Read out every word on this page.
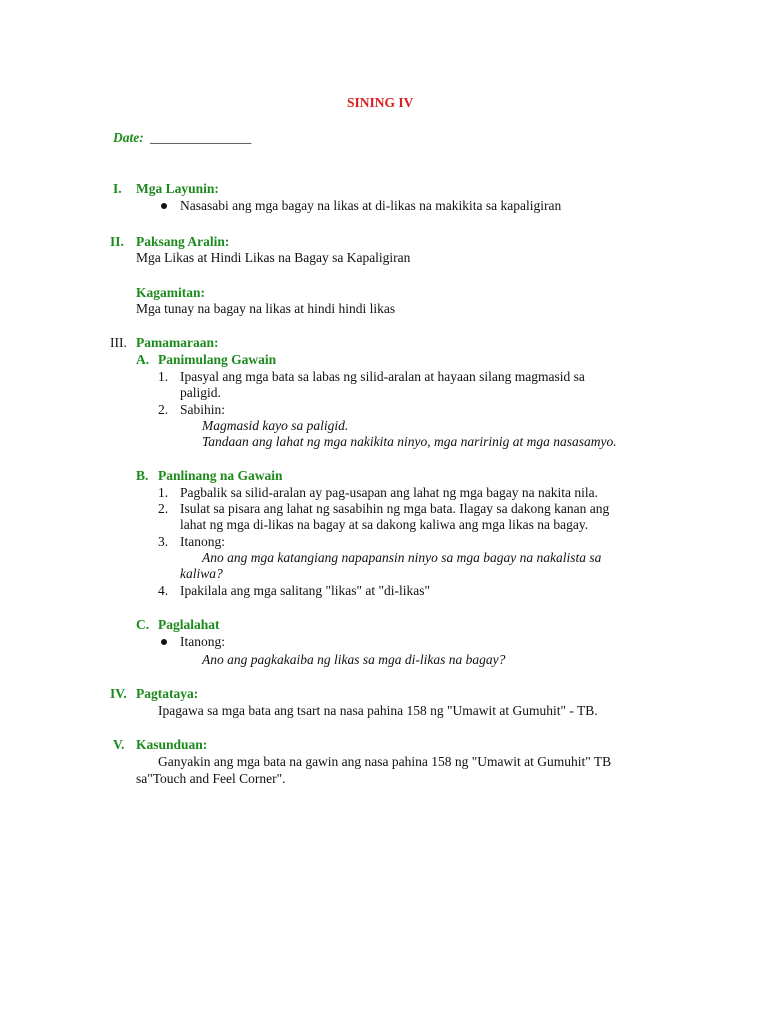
SINING IV
Date: _______________
I. Mga Layunin:
Nasasabi ang mga bagay na likas at di-likas na makikita sa kapaligiran
II. Paksang Aralin:
Mga Likas at Hindi Likas na Bagay sa Kapaligiran
Kagamitan:
Mga tunay na bagay na likas at hindi hindi likas
III. Pamamaraan:
A. Panimulang Gawain
1. Ipasyal ang mga bata sa labas ng silid-aralan at hayaan silang magmasid sa
paligid.
2. Sabihin:
Magmasid kayo sa paligid.
Tandaan ang lahat ng mga nakikita ninyo, mga naririnig at mga nasasamyo.
B. Panlinang na Gawain
1. Pagbalik sa silid-aralan ay pag-usapan ang lahat ng mga bagay na nakita nila.
2. Isulat sa pisara ang lahat ng sasabihin ng mga bata. Ilagay sa dakong kanan ang
lahat ng mga di-likas na bagay at sa dakong kaliwa ang mga likas na bagay.
3. Itanong:
Ano ang mga katangiang napapansin ninyo sa mga bagay na nakalista sa
kaliwa?
4. Ipakilala ang mga salitang "likas" at "di-likas"
C. Paglalahat
Itanong:
Ano ang pagkakaiba ng likas sa mga di-likas na bagay?
IV. Pagtataya:
Ipagawa sa mga bata ang tsart na nasa pahina 158 ng "Umawit at Gumuhit" - TB.
V. Kasunduan:
Ganyakin ang mga bata na gawin ang nasa pahina 158 ng "Umawit at Gumuhit" TB
sa"Touch and Feel Corner".
